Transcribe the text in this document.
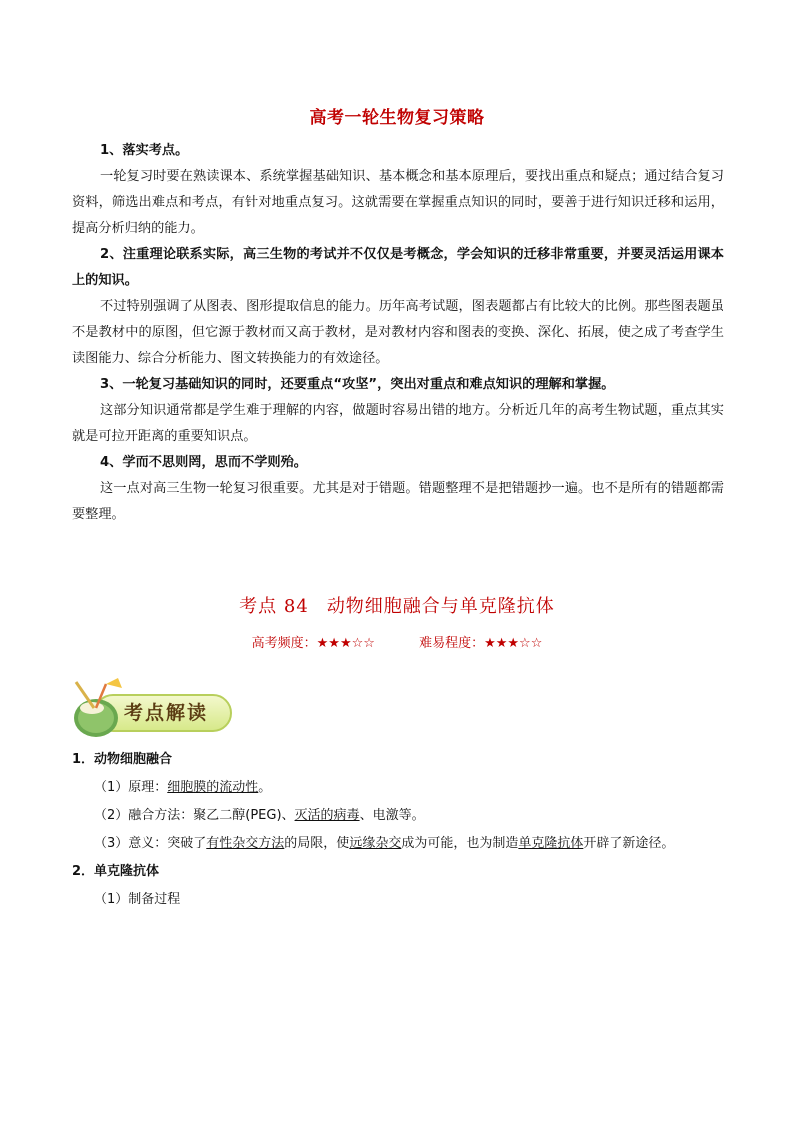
高考一轮生物复习策略

1、落实考点。

一轮复习时要在熟读课本、系统掌握基础知识、基本概念和基本原理后，要找出重点和疑点；通过结合复习资料，筛选出难点和考点，有针对地重点复习。这就需要在掌握重点知识的同时，要善于进行知识迁移和运用，提高分析归纳的能力。

2、注重理论联系实际，高三生物的考试并不仅仅是考概念，学会知识的迁移非常重要，并要灵活运用课本上的知识。

不过特别强调了从图表、图形提取信息的能力。历年高考试题，图表题都占有比较大的比例。那些图表题虽不是教材中的原图，但它源于教材而又高于教材，是对教材内容和图表的变换、深化、拓展，使之成了考查学生读图能力、综合分析能力、图文转换能力的有效途径。

3、一轮复习基础知识的同时，还要重点“攻坚”，突出对重点和难点知识的理解和掌握。

这部分知识通常都是学生难于理解的内容，做题时容易出错的地方。分析近几年的高考生物试题，重点其实就是可拉开距离的重要知识点。

4、学而不思则罔，思而不学则殆。

这一点对高三生物一轮复习很重要。尤其是对于错题。错题整理不是把错题抄一遍。也不是所有的错题都需要整理。

考点 84 动物细胞融合与单克隆抗体
高考频度：★★★☆☆	难易程度：★★★☆☆
考点解读

1．动物细胞融合

（1）原理：细胞膜的流动性。

（2）融合方法：聚乙二醇(PEG)、灭活的病毒、电激等。

（3）意义：突破了有性杂交方法的局限，使远缘杂交成为可能，也为制造单克隆抗体开辟了新途径。

2．单克隆抗体

（1）制备过程
